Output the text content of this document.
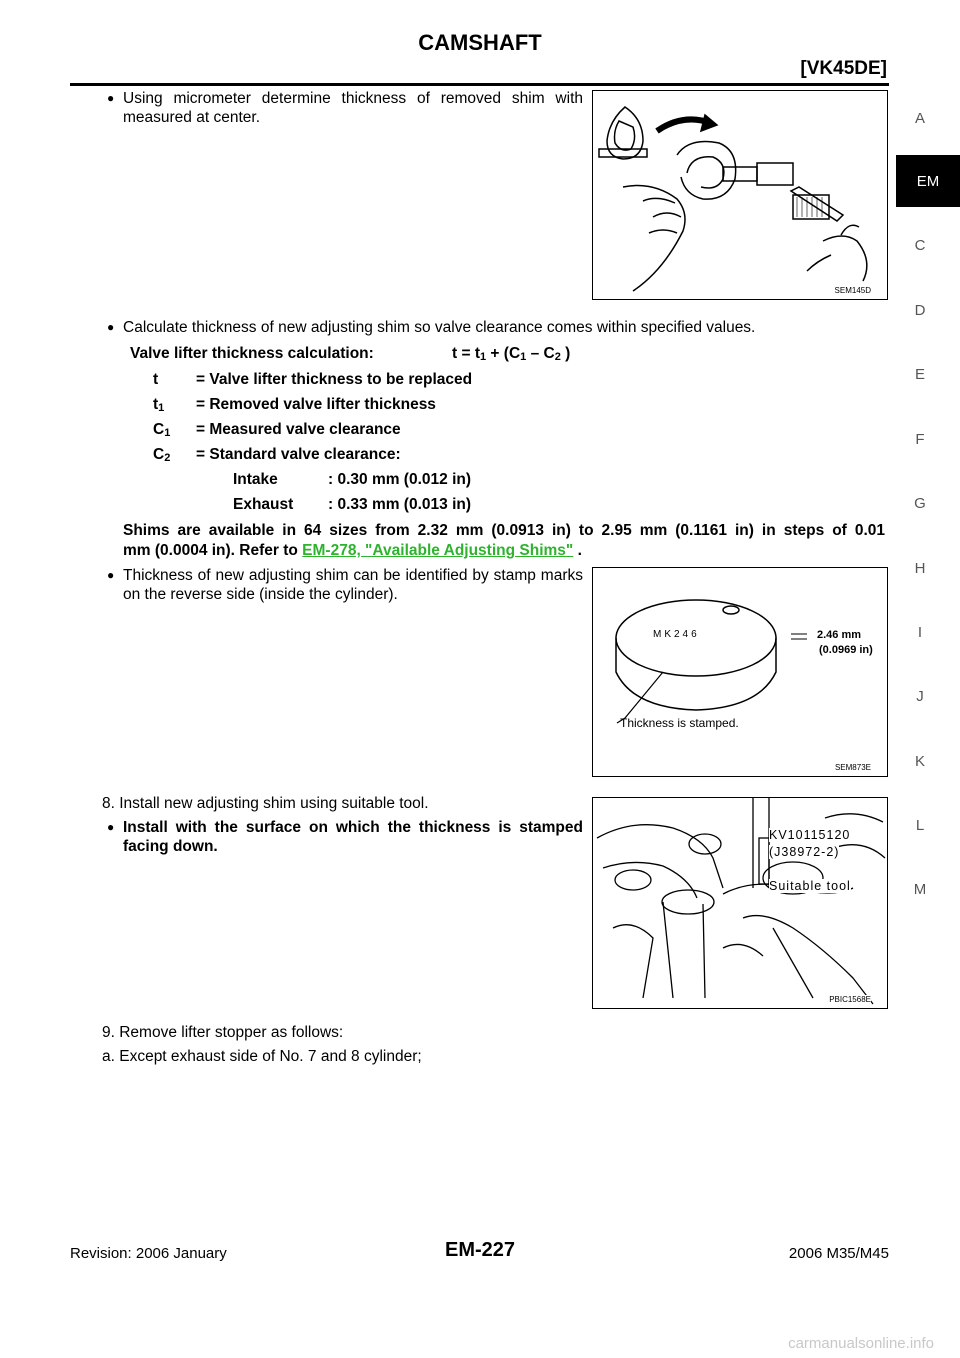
CAMSHAFT
[VK45DE]
A
EM
C
D
E
F
G
H
I
J
K
L
M
● Using micrometer determine thickness of removed shim with measured at center.
SEM145D
● Calculate thickness of new adjusting shim so valve clearance comes within specified values.
Valve lifter thickness calculation:	$t = t_1 + (C_1 - C_2$ )
t = Valve lifter thickness to be replaced
$t_1$ = Removed valve lifter thickness
$C_1$ = Measured valve clearance
$C_2$ = Standard valve clearance:
Intake	: 0.30 mm (0.012 in)
Exhaust : 0.33 mm (0.013 in)
Shims are available in 64 sizes from 2.32 mm (0.0913 in) to 2.95 mm (0.1161 in) in steps of 0.01
mm (0.0004 in). Refer to EM-278, "Available Adjusting Shims" .
● Thickness of new adjusting shim can be identified by stamp marks on the reverse side (inside the cylinder).
MK246	2.46 mm
(0.0969 in)
Thickness is stamped.
SEM873E
8. Install new adjusting shim using suitable tool.
● Install with the surface on which the thickness is stamped facing down.
KV10115120
(J38972-2)
Suitable tool
PBIC1568E
9. Remove lifter stopper as follows:
a. Except exhaust side of No. 7 and 8 cylinder;
Revision: 2006 January	EM-227	2006 M35/M45
carmanualsonline.info
